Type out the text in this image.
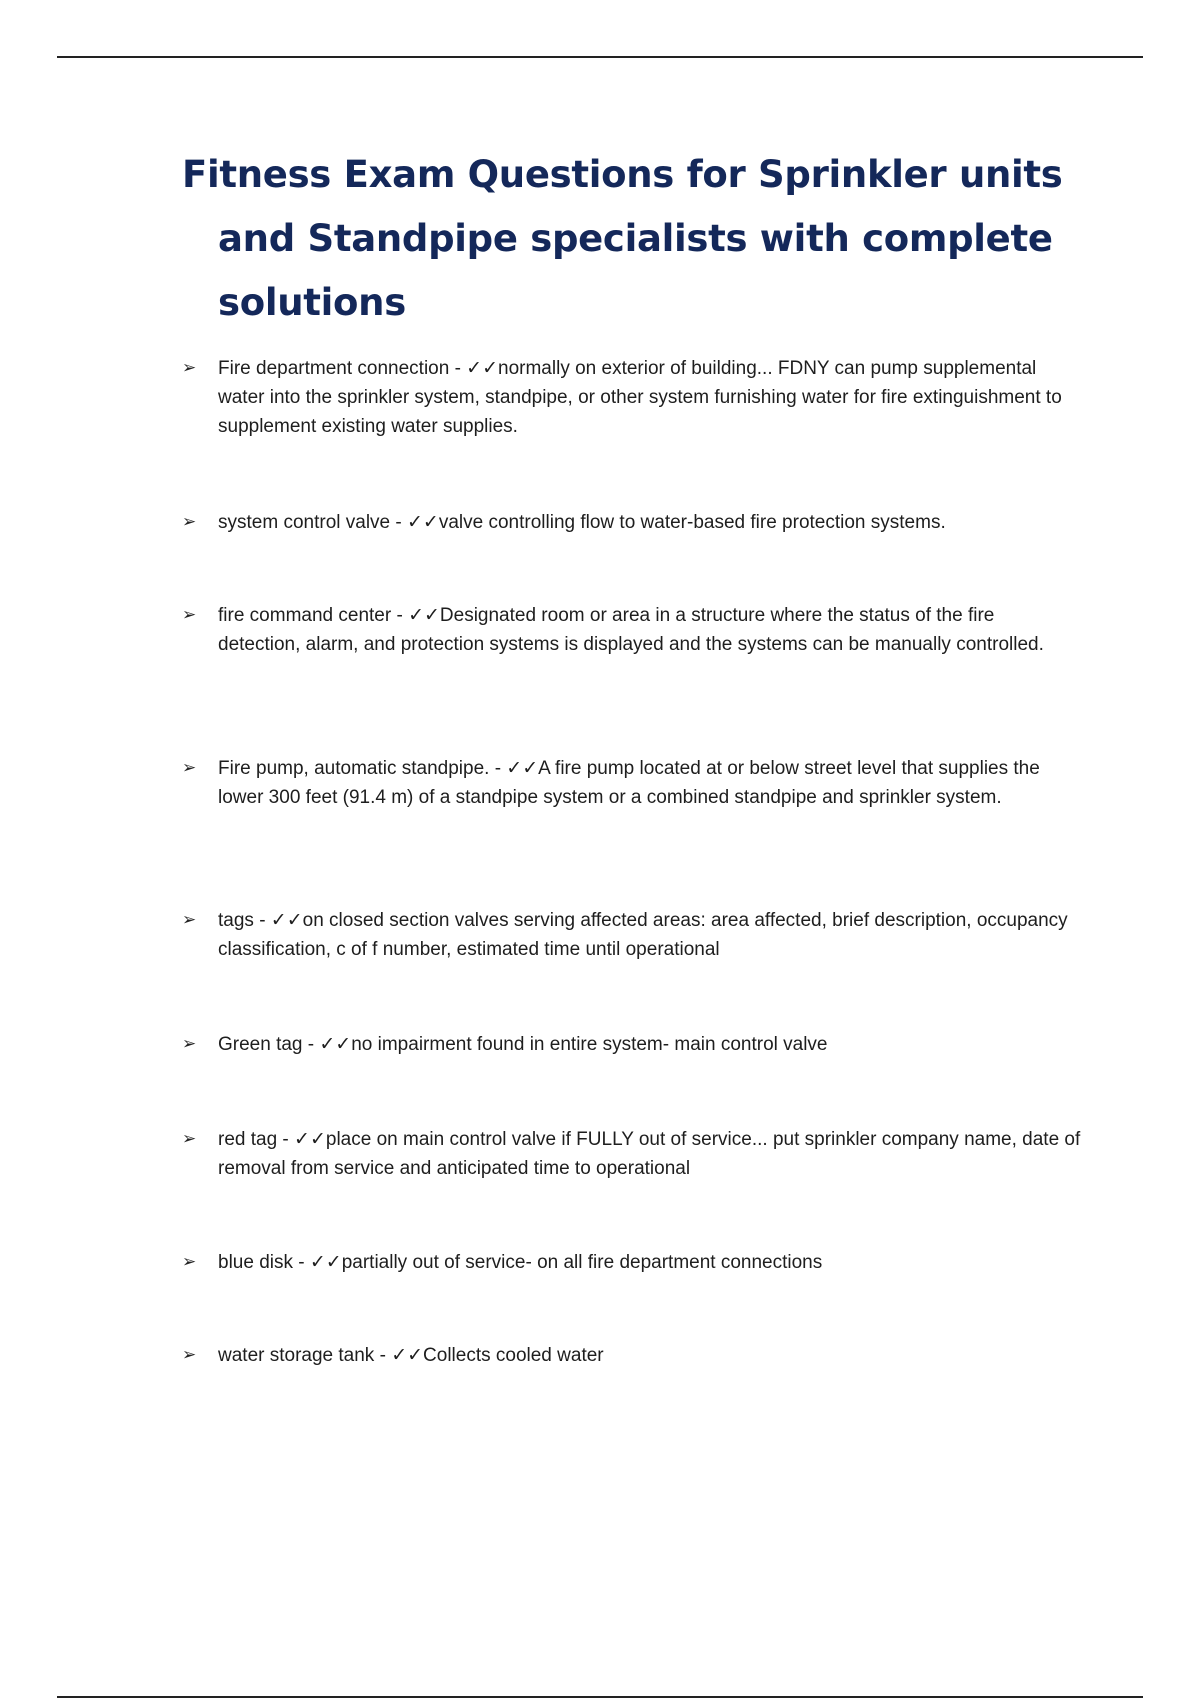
Fitness Exam Questions for Sprinkler units and Standpipe specialists with complete solutions
➢	Fire department connection - ✓✓normally on exterior of building... FDNY can pump supplemental water into the sprinkler system, standpipe, or other system furnishing water for fire extinguishment to supplement existing water supplies.
➢	system control valve - ✓✓valve controlling flow to water-based fire protection systems.
➢	fire command center - ✓✓Designated room or area in a structure where the status of the fire detection, alarm, and protection systems is displayed and the systems can be manually controlled.
➢	Fire pump, automatic standpipe. - ✓✓A fire pump located at or below street level that supplies the lower 300 feet (91.4 m) of a standpipe system or a combined standpipe and sprinkler system.
➢	tags - ✓✓on closed section valves serving affected areas: area affected, brief description, occupancy classification, c of f number, estimated time until operational
➢	Green tag - ✓✓no impairment found in entire system- main control valve
➢	red tag - ✓✓place on main control valve if FULLY out of service... put sprinkler company name, date of removal from service and anticipated time to operational
➢	blue disk - ✓✓partially out of service- on all fire department connections
➢	water storage tank - ✓✓Collects cooled water
